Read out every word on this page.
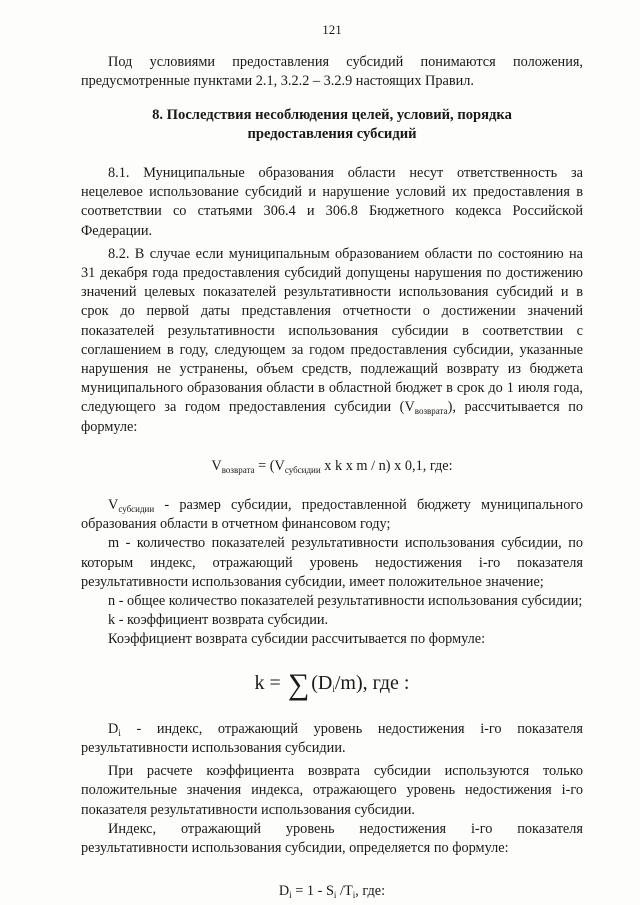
121

Под условиями предоставления субсидий понимаются положения, предусмотренные пунктами 2.1, 3.2.2 – 3.2.9 настоящих Правил.

8. Последствия несоблюдения целей, условий, порядка
предоставления субсидий

8.1. Муниципальные образования области несут ответственность за нецелевое использование субсидий и нарушение условий их предоставления в соответствии со статьями 306.4 и 306.8 Бюджетного кодекса Российской Федерации.

8.2. В случае если муниципальным образованием области по состоянию на 31 декабря года предоставления субсидий допущены нарушения по достижению значений целевых показателей результативности использования субсидий и в срок до первой даты представления отчетности о достижении значений показателей результативности использования субсидии в соответствии с соглашением в году, следующем за годом предоставления субсидии, указанные нарушения не устранены, объем средств, подлежащий возврату из бюджета муниципального образования области в областной бюджет в срок до 1 июля года, следующего за годом предоставления субсидии $(V_{возврата})$, рассчитывается по формуле:

$V_{возврата} = (V_{субсидии}$ х k х m / n) х 0,1, где:

$V_{субсидии}$ - размер субсидии, предоставленной бюджету муниципального образования области в отчетном финансовом году;

m - количество показателей результативности использования субсидии, по которым индекс, отражающий уровень недостижения i-го показателя результативности использования субсидии, имеет положительное значение;

n - общее количество показателей результативности использования субсидии;

k - коэффициент возврата субсидии.

Коэффициент возврата субсидии рассчитывается по формуле:

k = ∑ $(D_i/m)$, где :

$D_i$ - индекс, отражающий уровень недостижения i-го показателя результативности использования субсидии.

При расчете коэффициента возврата субсидии используются только положительные значения индекса, отражающего уровень недостижения i-го показателя результативности использования субсидии.

Индекс, отражающий уровень недостижения i-го показателя результативности использования субсидии, определяется по формуле:

$D_i = 1 - S_i$ $/T_i$, где:
